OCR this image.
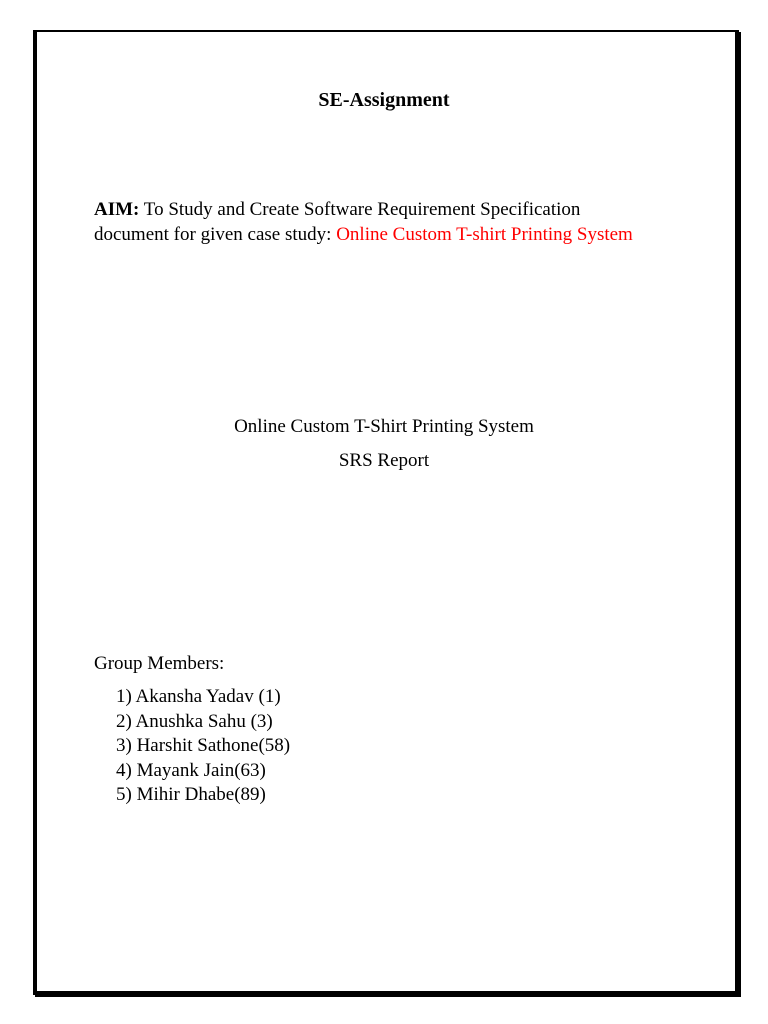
SE-Assignment
AIM: To Study and Create Software Requirement Specification document for given case study: Online Custom T-shirt Printing System
Online Custom T-Shirt Printing System
SRS Report
Group Members:
1) Akansha Yadav (1)
2) Anushka Sahu (3)
3) Harshit Sathone(58)
4) Mayank Jain(63)
5) Mihir Dhabe(89)
